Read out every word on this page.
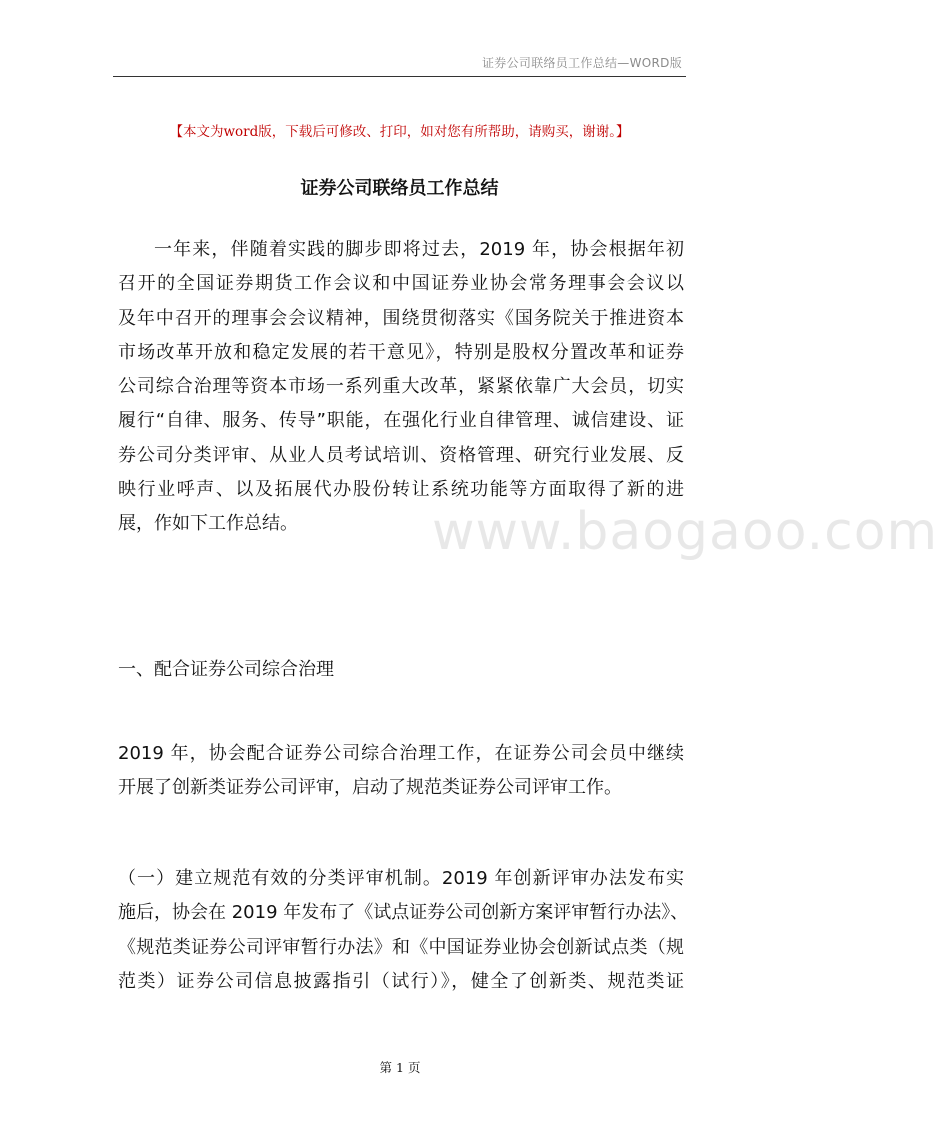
证券公司联络员工作总结—WORD版
【本文为word版，下载后可修改、打印，如对您有所帮助，请购买，谢谢。】
证券公司联络员工作总结
一年来，伴随着实践的脚步即将过去，2019 年，协会根据年初
召开的全国证券期货工作会议和中国证券业协会常务理事会会议以
及年中召开的理事会会议精神，围绕贯彻落实《国务院关于推进资本
市场改革开放和稳定发展的若干意见》，特别是股权分置改革和证券
公司综合治理等资本市场一系列重大改革，紧紧依靠广大会员，切实
履行“自律、服务、传导”职能，在强化行业自律管理、诚信建设、证
券公司分类评审、从业人员考试培训、资格管理、研究行业发展、反
映行业呼声、以及拓展代办股份转让系统功能等方面取得了新的进
展，作如下工作总结。	www.baogaoo.com
一、配合证券公司综合治理
2019 年，协会配合证券公司综合治理工作，在证券公司会员中继续
开展了创新类证券公司评审，启动了规范类证券公司评审工作。
（一）建立规范有效的分类评审机制。2019 年创新评审办法发布实
施后，协会在 2019 年发布了《试点证券公司创新方案评审暂行办法》、
《规范类证券公司评审暂行办法》和《中国证券业协会创新试点类（规
范类）证券公司信息披露指引（试行）》，健全了创新类、规范类证
第 1 页
